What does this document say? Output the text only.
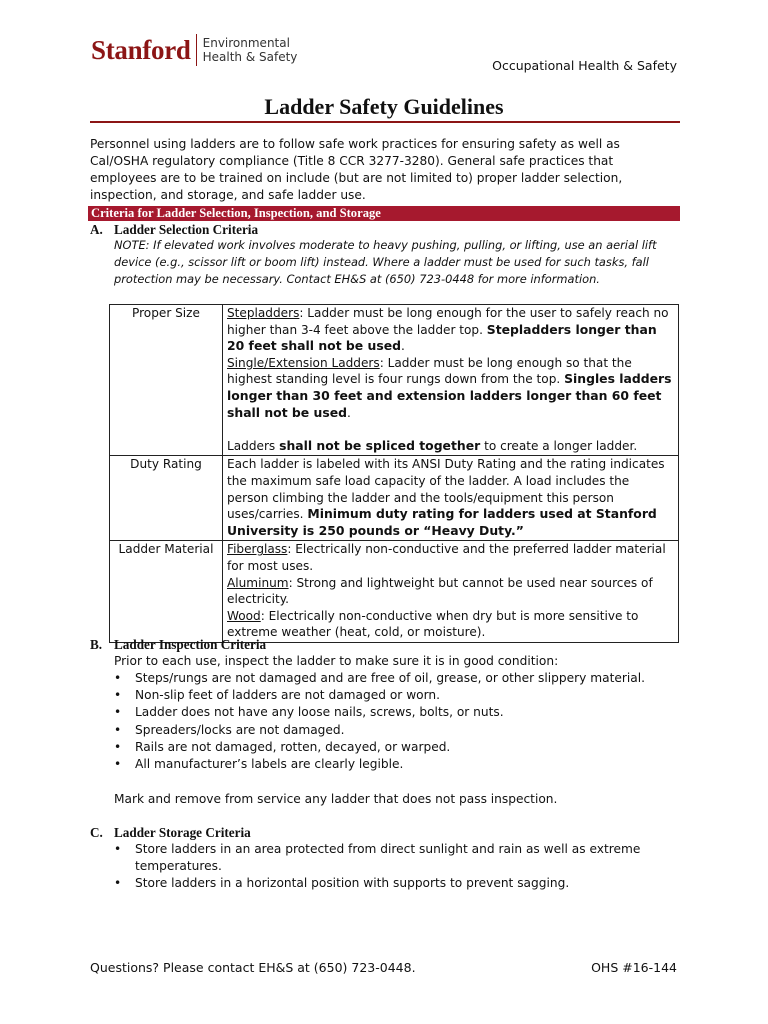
Stanford Environmental
Health & Safety
Occupational Health & Safety
Ladder Safety Guidelines

Personnel using ladders are to follow safe work practices for ensuring safety as well as Cal/OSHA regulatory compliance (Title 8 CCR 3277-3280). General safe practices that employees are to be trained on include (but are not limited to) proper ladder selection, inspection, and storage, and safe ladder use.

Criteria for Ladder Selection, Inspection, and Storage
A. Ladder Selection Criteria

NOTE: If elevated work involves moderate to heavy pushing, pulling, or lifting, use an aerial lift device (e.g., scissor lift or boom lift) instead. Where a ladder must be used for such tasks, fall protection may be necessary. Contact EH&S at (650) 723-0448 for more information.

Proper Size	Stepladders: Ladder must be long enough for the user to safely reach no higher than 3-4 feet above the ladder top. Stepladders longer than 20 feet shall not be used.
Single/Extension Ladders: Ladder must be long enough so that the highest standing level is four rungs down from the top. Singles ladders longer than 30 feet and extension ladders longer than 60 feet shall not be used.

Ladders shall not be spliced together to create a longer ladder.
Duty Rating	Each ladder is labeled with its ANSI Duty Rating and the rating indicates the maximum safe load capacity of the ladder. A load includes the person climbing the ladder and the tools/equipment this person uses/carries. Minimum duty rating for ladders used at Stanford University is 250 pounds or “Heavy Duty.”
Ladder Material	Fiberglass: Electrically non-conductive and the preferred ladder material for most uses.
Aluminum: Strong and lightweight but cannot be used near sources of electricity.
Wood: Electrically non-conductive when dry but is more sensitive to extreme weather (heat, cold, or moisture).
B. Ladder Inspection Criteria

Prior to each use, inspect the ladder to make sure it is in good condition:

• Steps/rungs are not damaged and are free of oil, grease, or other slippery material.
• Non-slip feet of ladders are not damaged or worn.
• Ladder does not have any loose nails, screws, bolts, or nuts.
• Spreaders/locks are not damaged.
• Rails are not damaged, rotten, decayed, or warped.
• All manufacturer’s labels are clearly legible.

Mark and remove from service any ladder that does not pass inspection.

C. Ladder Storage Criteria
• Store ladders in an area protected from direct sunlight and rain as well as extreme temperatures.
• Store ladders in a horizontal position with supports to prevent sagging.
Questions? Please contact EH&S at (650) 723-0448.	OHS #16-144
